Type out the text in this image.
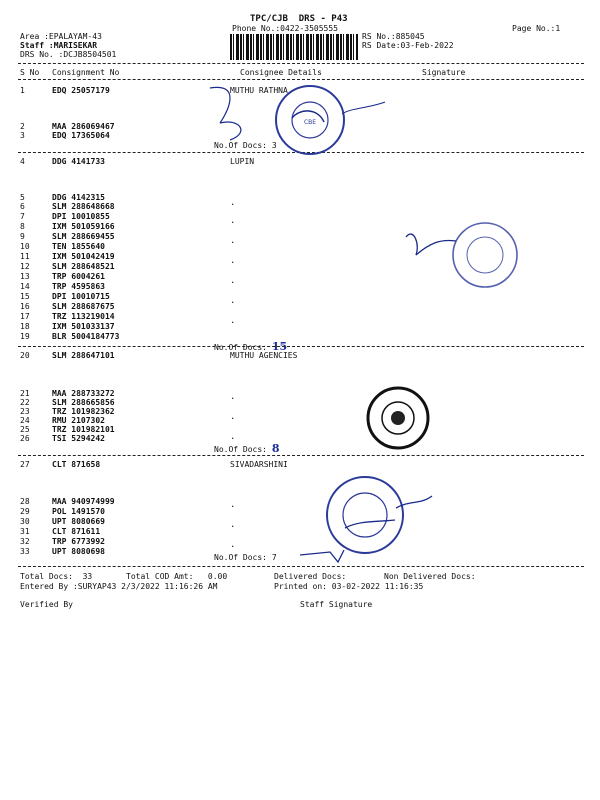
TPC/CJB  DRS - P43
Phone No.:0422-3505555	Page No.:1
Area :EPALAYAM-43
Staff :MARISEKAR
DRS No. :DCJB8504501
RS No.:885045
RS Date:03-Feb-2022
S No Consignment No	Consignee Details	Signature
MUTHU RATHNA
1	EDQ 25057179
2	MAA 286069467
3	EDQ 17365064
No.Of Docs: 3
LUPIN
4	DDG 4141733
5	DDG 4142315
6	SLM 288648668
7	DPI 10010855
8	IXM 501059166
9	SLM 288669455
10	TEN 1855640
11	IXM 501042419
12	SLM 288648521
13	TRP 6004261
14	TRP 4595863
15	DPI 10010715
16	SLM 288687675
17	TRZ 113219014
18	IXM 501033137
19	BLR 5004184773
.
.
.
.
.
.
.
No.Of Docs: 15
MUTHU AGENCIES
20	SLM 288647101
21	MAA 288733272
22	SLM 288665856
23	TRZ 101982362
24	RMU 2107302
25	TRZ 101982101
26	TSI 5294242
.
.
.
No.Of Docs: 8
SIVADARSHINI
27	CLT 871658
28	MAA 940974999
29	POL 1491570
30	UPT 8080669
31	CLT 871611
32	TRP 6773992
33	UPT 8080698
.
.
.
No.Of Docs: 7
Total Docs:  33	Total COD Amt:   0.00	Delivered Docs:	Non Delivered Docs:
Entered By :SURYAP43 2/3/2022 11:16:26 AM	Printed on: 03-02-2022 11:16:35
Verified By	Staff Signature
CBE
